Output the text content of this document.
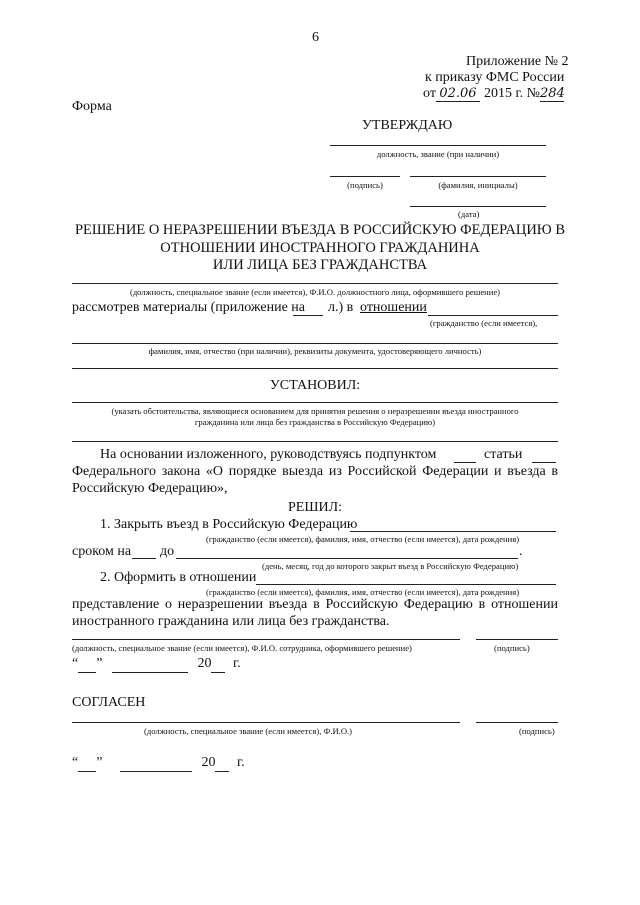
6
Приложение № 2
к приказу ФМС России
от 02.06 2015 г. №284
Форма
УТВЕРЖДАЮ
должность, звание (при наличии)
(подпись)	(фамилия, инициалы)
(дата)
РЕШЕНИЕ О НЕРАЗРЕШЕНИИ ВЪЕЗДА В РОССИЙСКУЮ ФЕДЕРАЦИЮ В
ОТНОШЕНИИ ИНОСТРАННОГО ГРАЖДАНИНА
ИЛИ ЛИЦА БЕЗ ГРАЖДАНСТВА
(должность, специальное звание (если имеется), Ф.И.О. должностного лица, оформившего решение)
рассмотрев материалы (приложение на л.) в отношении
(гражданство (если имеется),
фамилия, имя, отчество (при наличии), реквизиты документа, удостоверяющего личность)
УСТАНОВИЛ:
(указать обстоятельства, являющиеся основанием для принятия решения о неразрешении въезда иностранного
гражданина или лица без гражданства в Российскую Федерацию)
На основании изложенного, руководствуясь подпунктом	статьи
Федерального закона «О порядке выезда из Российской Федерации и въезда в
Российскую Федерацию»,
РЕШИЛ:
1. Закрыть въезд в Российскую Федерацию
(гражданство (если имеется), фамилия, имя, отчество (если имеется), дата рождения)
сроком на до	.
(день, месяц, год до которого закрыт въезд в Российскую Федерацию)
2. Оформить в отношении
(гражданство (если имеется), фамилия, имя, отчество (если имеется), дата рождения)
представление о неразрешении въезда в Российскую Федерацию в отношении
иностранного гражданина или лица без гражданства.
(должность, специальное звание (если имеется), Ф.И.О. сотрудника, оформившего решение)	(подпись)
“ ”	20 г.
СОГЛАСЕН
(должность, специальное звание (если имеется), Ф.И.О.)	(подпись)
“ ”	20 г.
